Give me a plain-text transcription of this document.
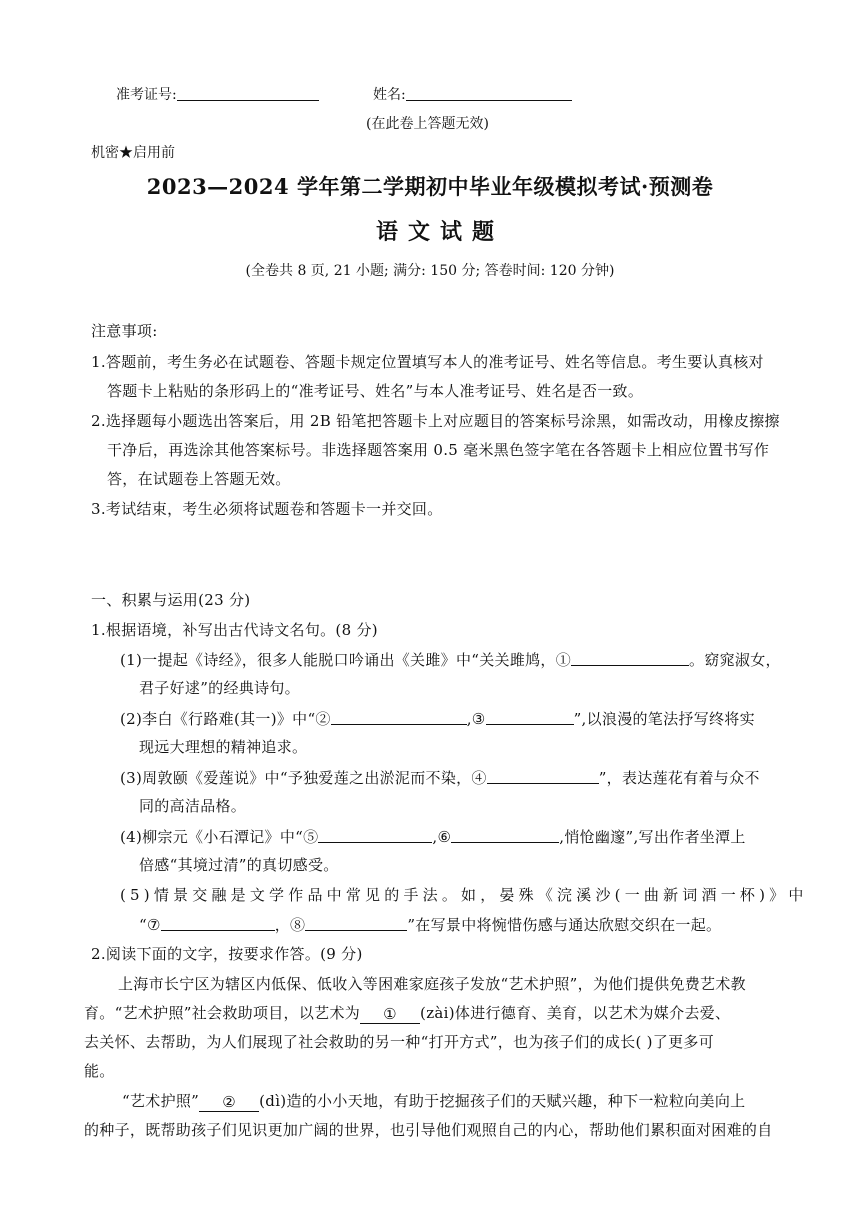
准考证号:	姓名:
(在此卷上答题无效)
机密★启用前
2023—2024 学年第二学期初中毕业年级模拟考试·预测卷
语文试题
(全卷共 8 页, 21 小题; 满分: 150 分; 答卷时间: 120 分钟)
注意事项:
1.答题前，考生务必在试题卷、答题卡规定位置填写本人的准考证号、姓名等信息。考生要认真核对
答题卡上粘贴的条形码上的“准考证号、姓名”与本人准考证号、姓名是否一致。
2.选择题每小题选出答案后，用 2B 铅笔把答题卡上对应题目的答案标号涂黑，如需改动，用橡皮擦擦
干净后，再选涂其他答案标号。非选择题答案用 0.5 毫米黑色签字笔在各答题卡上相应位置书写作
答，在试题卷上答题无效。
3.考试结束，考生必须将试题卷和答题卡一并交回。
一、积累与运用(23 分)
1.根据语境，补写出古代诗文名句。(8 分)
(1)一提起《诗经》，很多人能脱口吟诵出《关雎》中“关关雎鸠，①	。窈窕淑女，
君子好逑”的经典诗句。
(2)李白《行路难(其一)》中“②	,③	”,以浪漫的笔法抒写终将实
现远大理想的精神追求。
(3)周敦颐《爱莲说》中“予独爱莲之出淤泥而不染，④	”，表达莲花有着与众不
同的高洁品格。
(4)柳宗元《小石潭记》中“⑤	,⑥	,悄怆幽邃”,写出作者坐潭上
倍感“其境过清”的真切感受。
(5)情景交融是文学作品中常见的手法。如，晏殊《浣溪沙(一曲新词酒一杯)》中
“⑦	，⑧	”在写景中将惋惜伤感与通达欣慰交织在一起。
2.阅读下面的文字，按要求作答。(9 分)
上海市长宁区为辖区内低保、低收入等困难家庭孩子发放“艺术护照”，为他们提供免费艺术教
育。“艺术护照”社会救助项目，以艺术为 ① (zài)体进行德育、美育，以艺术为媒介去爱、
去关怀、去帮助，为人们展现了社会救助的另一种“打开方式”，也为孩子们的成长( )了更多可
能。
“艺术护照” ② (dì)造的小小天地，有助于挖掘孩子们的天赋兴趣，种下一粒粒向美向上
的种子，既帮助孩子们见识更加广阔的世界，也引导他们观照自己的内心，帮助他们累积面对困难的自
